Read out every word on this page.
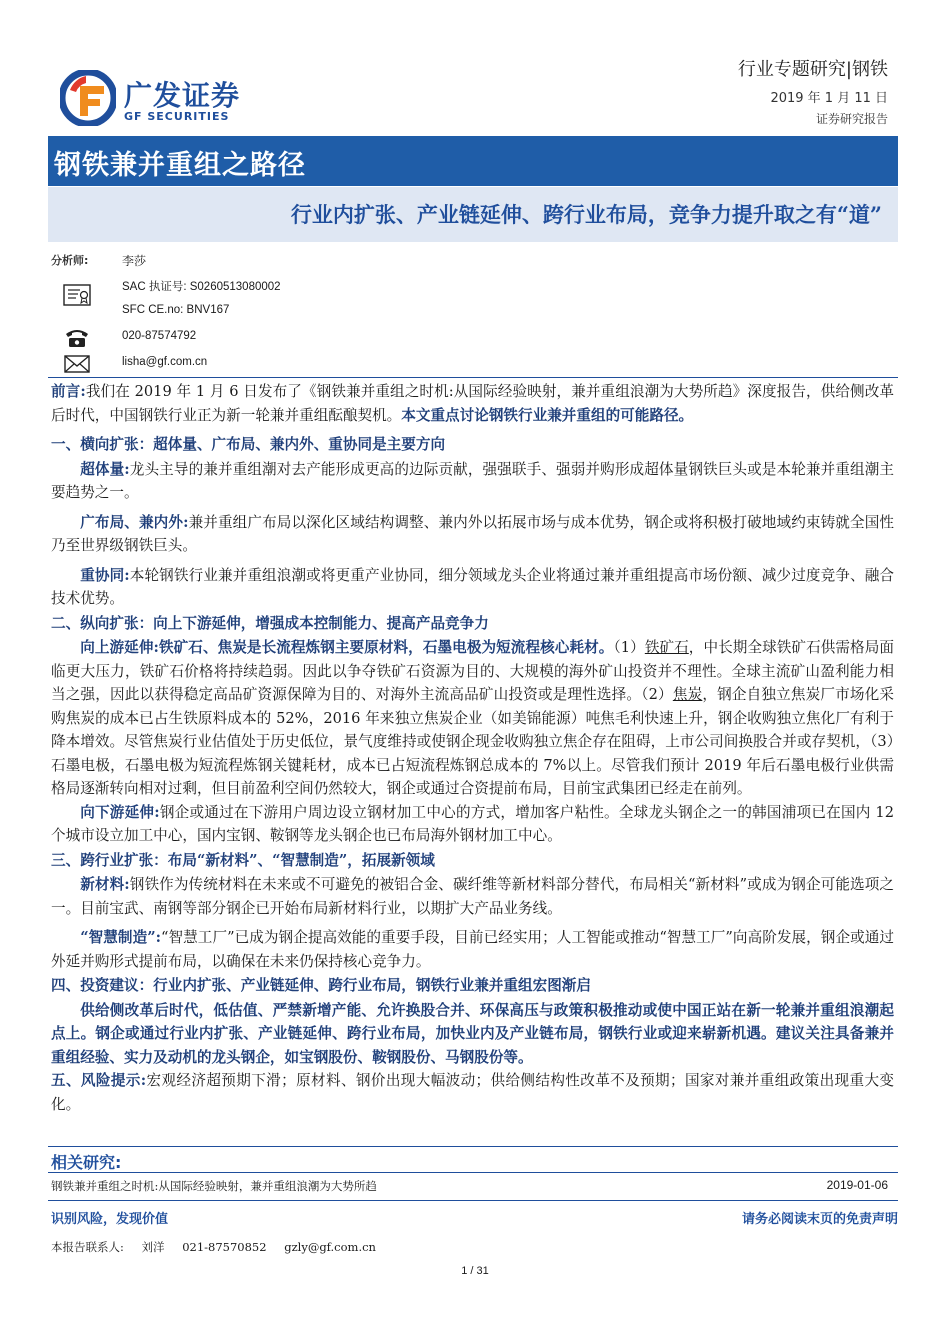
广发证券
GF SECURITIES
行业专题研究|钢铁
2019 年 1 月 11 日
证券研究报告
钢铁兼并重组之路径
行业内扩张、产业链延伸、跨行业布局，竞争力提升取之有“道”
分析师:	李莎
SAC 执证号: S0260513080002
SFC CE.no: BNV167
020-87574792
lisha@gf.com.cn

前言:我们在 2019 年 1 月 6 日发布了《钢铁兼并重组之时机:从国际经验映射，兼并重组浪潮为大势所趋》深度报告，供给侧改革后时代，中国钢铁行业正为新一轮兼并重组酝酿契机。本文重点讨论钢铁行业兼并重组的可能路径。

一、横向扩张：超体量、广布局、兼内外、重协同是主要方向

超体量:龙头主导的兼并重组潮对去产能形成更高的边际贡献，强强联手、强弱并购形成超体量钢铁巨头或是本轮兼并重组潮主要趋势之一。

广布局、兼内外:兼并重组广布局以深化区域结构调整、兼内外以拓展市场与成本优势，钢企或将积极打破地域约束铸就全国性乃至世界级钢铁巨头。

重协同:本轮钢铁行业兼并重组浪潮或将更重产业协同，细分领域龙头企业将通过兼并重组提高市场份额、减少过度竞争、融合技术优势。

二、纵向扩张：向上下游延伸，增强成本控制能力、提高产品竞争力

向上游延伸:铁矿石、焦炭是长流程炼钢主要原材料，石墨电极为短流程核心耗材。（1）铁矿石，中长期全球铁矿石供需格局面临更大压力，铁矿石价格将持续趋弱。因此以争夺铁矿石资源为目的、大规模的海外矿山投资并不理性。全球主流矿山盈利能力相当之强，因此以获得稳定高品矿资源保障为目的、对海外主流高品矿山投资或是理性选择。（2）焦炭，钢企自独立焦炭厂市场化采购焦炭的成本已占生铁原料成本的 52%，2016 年来独立焦炭企业（如美锦能源）吨焦毛利快速上升，钢企收购独立焦化厂有利于降本增效。尽管焦炭行业估值处于历史低位，景气度维持或使钢企现金收购独立焦企存在阻碍，上市公司间换股合并或存契机，（3）石墨电极，石墨电极为短流程炼钢关键耗材，成本已占短流程炼钢总成本的 7%以上。尽管我们预计 2019 年后石墨电极行业供需格局逐渐转向相对过剩，但目前盈利空间仍然较大，钢企或通过合资提前布局，目前宝武集团已经走在前列。

向下游延伸:钢企或通过在下游用户周边设立钢材加工中心的方式，增加客户粘性。全球龙头钢企之一的韩国浦项已在国内 12 个城市设立加工中心，国内宝钢、鞍钢等龙头钢企也已布局海外钢材加工中心。

三、跨行业扩张：布局“新材料”、“智慧制造”，拓展新领域

新材料:钢铁作为传统材料在未来或不可避免的被铝合金、碳纤维等新材料部分替代，布局相关“新材料”或成为钢企可能选项之一。目前宝武、南钢等部分钢企已开始布局新材料行业，以期扩大产品业务线。

“智慧制造”:“智慧工厂”已成为钢企提高效能的重要手段，目前已经实用；人工智能或推动“智慧工厂”向高阶发展，钢企或通过外延并购形式提前布局，以确保在未来仍保持核心竞争力。

四、投资建议：行业内扩张、产业链延伸、跨行业布局，钢铁行业兼并重组宏图渐启

供给侧改革后时代，低估值、严禁新增产能、允许换股合并、环保高压与政策积极推动或使中国正站在新一轮兼并重组浪潮起点上。钢企或通过行业内扩张、产业链延伸、跨行业布局，加快业内及产业链布局，钢铁行业或迎来崭新机遇。建议关注具备兼并重组经验、实力及动机的龙头钢企，如宝钢股份、鞍钢股份、马钢股份等。

五、风险提示:宏观经济超预期下滑；原材料、钢价出现大幅波动；供给侧结构性改革不及预期；国家对兼并重组政策出现重大变化。

相关研究:
钢铁兼并重组之时机:从国际经验映射，兼并重组浪潮为大势所趋	2019-01-06
识别风险，发现价值	请务必阅读末页的免责声明
本报告联系人: 刘洋 021-87570852 gzly@gf.com.cn
1 / 31
